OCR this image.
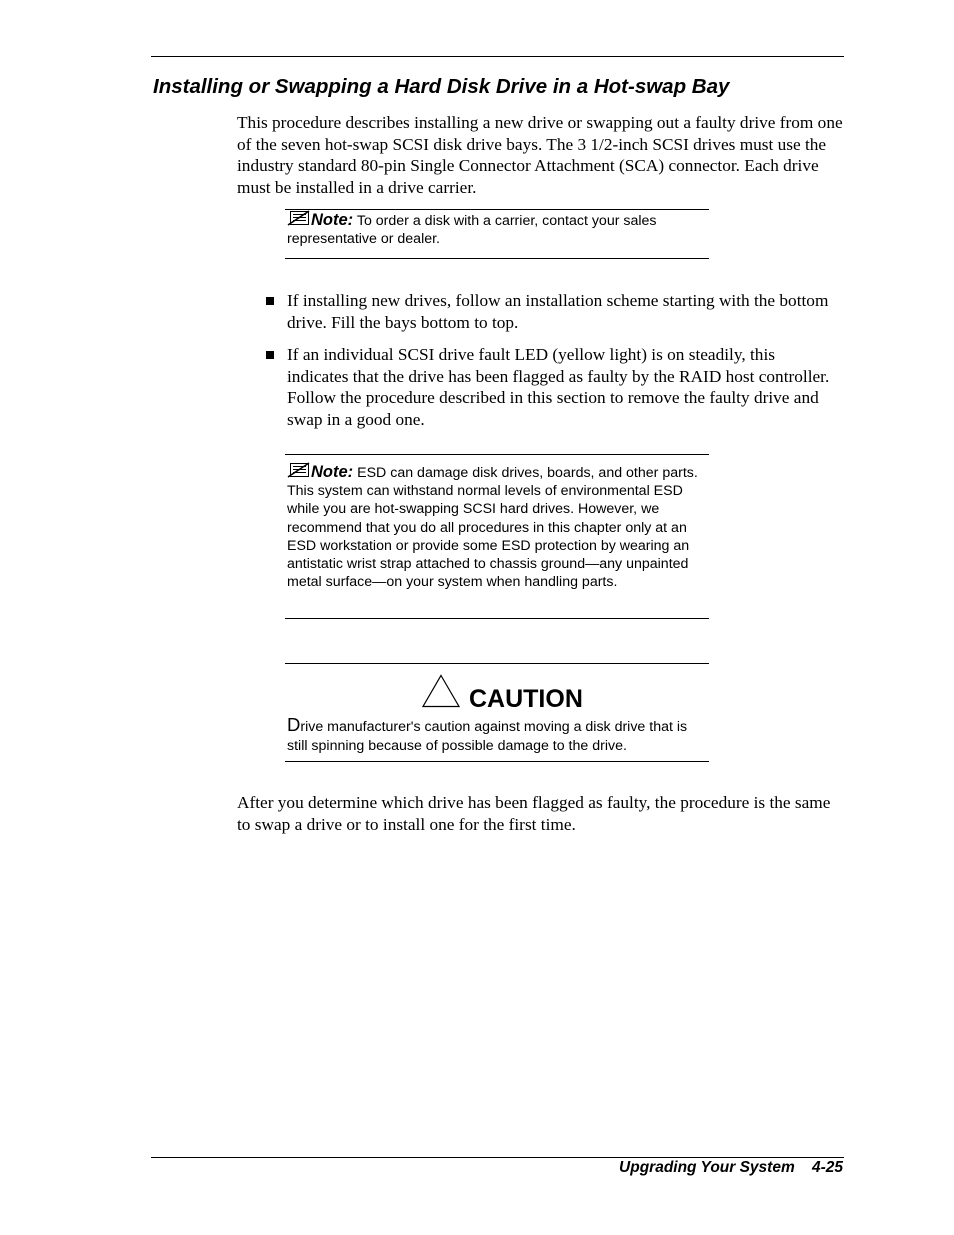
Installing or Swapping a Hard Disk Drive in a Hot-swap Bay

This procedure describes installing a new drive or swapping out a faulty drive from one of the seven hot-swap SCSI disk drive bays. The 3 1/2-inch SCSI drives must use the industry standard 80-pin Single Connector Attachment (SCA) connector. Each drive must be installed in a drive carrier.

Note: To order a disk with a carrier, contact your sales representative or dealer.
If installing new drives, follow an installation scheme starting with the bottom drive. Fill the bays bottom to top.
If an individual SCSI drive fault LED (yellow light) is on steadily, this indicates that the drive has been flagged as faulty by the RAID host controller. Follow the procedure described in this section to remove the faulty drive and swap in a good one.
Note: ESD can damage disk drives, boards, and other parts. This system can withstand normal levels of environmental ESD while you are hot-swapping SCSI hard drives. However, we recommend that you do all procedures in this chapter only at an ESD workstation or provide some ESD protection by wearing an antistatic wrist strap attached to chassis ground—any unpainted metal surface—on your system when handling parts.
CAUTION

Drive manufacturer's caution against moving a disk drive that is still spinning because of possible damage to the drive.

After you determine which drive has been flagged as faulty, the procedure is the same to swap a drive or to install one for the first time.

Upgrading Your System 4-25
